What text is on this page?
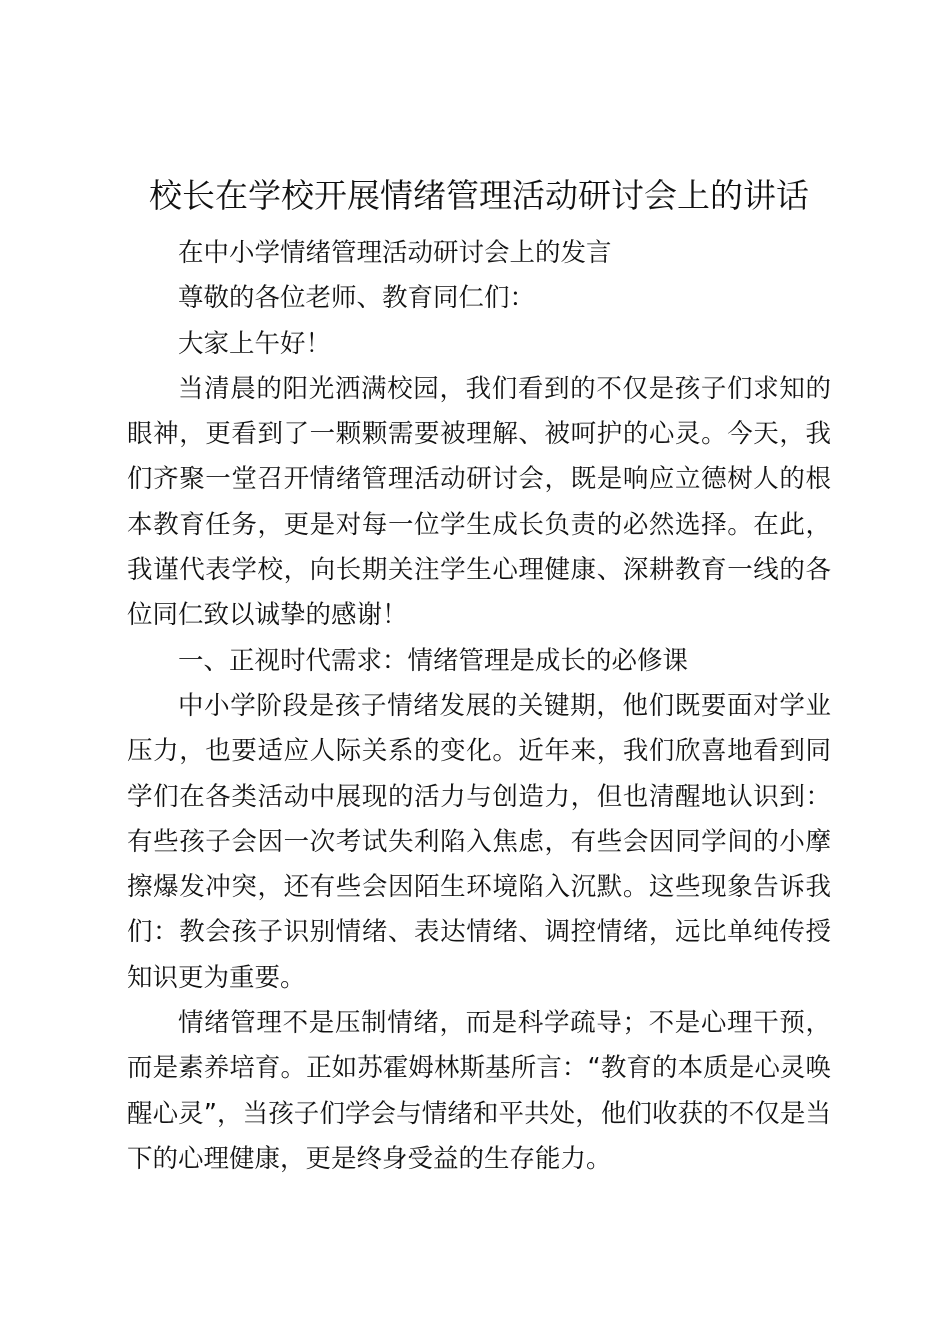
校长在学校开展情绪管理活动研讨会上的讲话

在中小学情绪管理活动研讨会上的发言

尊敬的各位老师、教育同仁们：

大家上午好！

当清晨的阳光洒满校园，我们看到的不仅是孩子们求知的眼神，更看到了一颗颗需要被理解、被呵护的心灵。今天，我们齐聚一堂召开情绪管理活动研讨会，既是响应立德树人的根本教育任务，更是对每一位学生成长负责的必然选择。在此，我谨代表学校，向长期关注学生心理健康、深耕教育一线的各位同仁致以诚挚的感谢！

一、正视时代需求：情绪管理是成长的必修课

中小学阶段是孩子情绪发展的关键期，他们既要面对学业压力，也要适应人际关系的变化。近年来，我们欣喜地看到同学们在各类活动中展现的活力与创造力，但也清醒地认识到：有些孩子会因一次考试失利陷入焦虑，有些会因同学间的小摩擦爆发冲突，还有些会因陌生环境陷入沉默。这些现象告诉我们：教会孩子识别情绪、表达情绪、调控情绪，远比单纯传授知识更为重要。

情绪管理不是压制情绪，而是科学疏导；不是心理干预，而是素养培育。正如苏霍姆林斯基所言：“教育的本质是心灵唤醒心灵”，当孩子们学会与情绪和平共处，他们收获的不仅是当下的心理健康，更是终身受益的生存能力。
